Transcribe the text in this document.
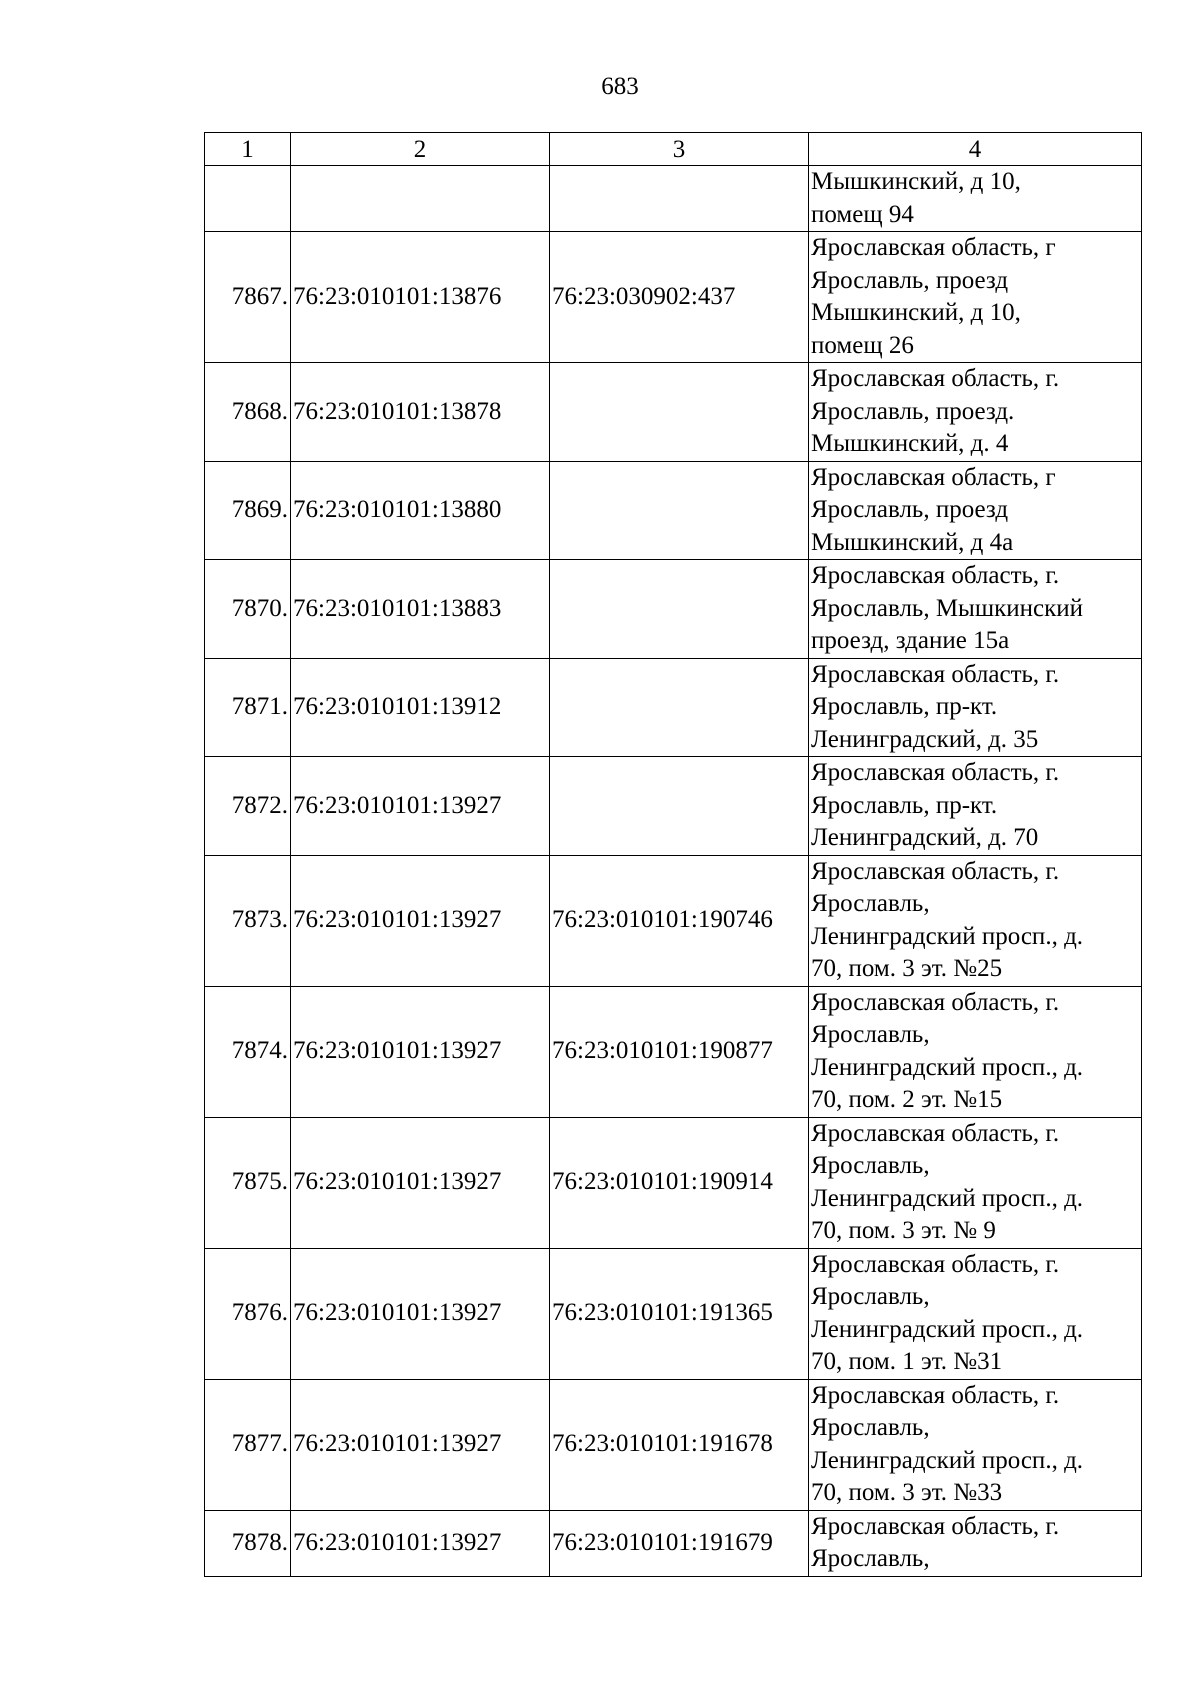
683
1	2	3	4

			Мышкинский, д 10,
помещ 94

7867.	76:23:010101:13876	76:23:030902:437	Ярославская область, г
Ярославль, проезд
Мышкинский, д 10,
помещ 26

7868.	76:23:010101:13878		Ярославская область, г.
Ярославль, проезд.
Мышкинский, д. 4

7869.	76:23:010101:13880		Ярославская область, г
Ярославль, проезд
Мышкинский, д 4а

7870.	76:23:010101:13883		Ярославская область, г.
Ярославль, Мышкинский
проезд, здание 15а

7871.	76:23:010101:13912		Ярославская область, г.
Ярославль, пр-кт.
Ленинградский, д. 35

7872.	76:23:010101:13927		Ярославская область, г.
Ярославль, пр-кт.
Ленинградский, д. 70

7873.	76:23:010101:13927	76:23:010101:190746	Ярославская область, г.
Ярославль,
Ленинградский просп., д.
70, пом. 3 эт. №25

7874.	76:23:010101:13927	76:23:010101:190877	Ярославская область, г.
Ярославль,
Ленинградский просп., д.
70, пом. 2 эт. №15

7875.	76:23:010101:13927	76:23:010101:190914	Ярославская область, г.
Ярославль,
Ленинградский просп., д.
70, пом. 3 эт. № 9

7876.	76:23:010101:13927	76:23:010101:191365	Ярославская область, г.
Ярославль,
Ленинградский просп., д.
70, пом. 1 эт. №31

7877.	76:23:010101:13927	76:23:010101:191678	Ярославская область, г.
Ярославль,
Ленинградский просп., д.
70, пом. 3 эт. №33

7878.	76:23:010101:13927	76:23:010101:191679	Ярославская область, г.
Ярославль,
